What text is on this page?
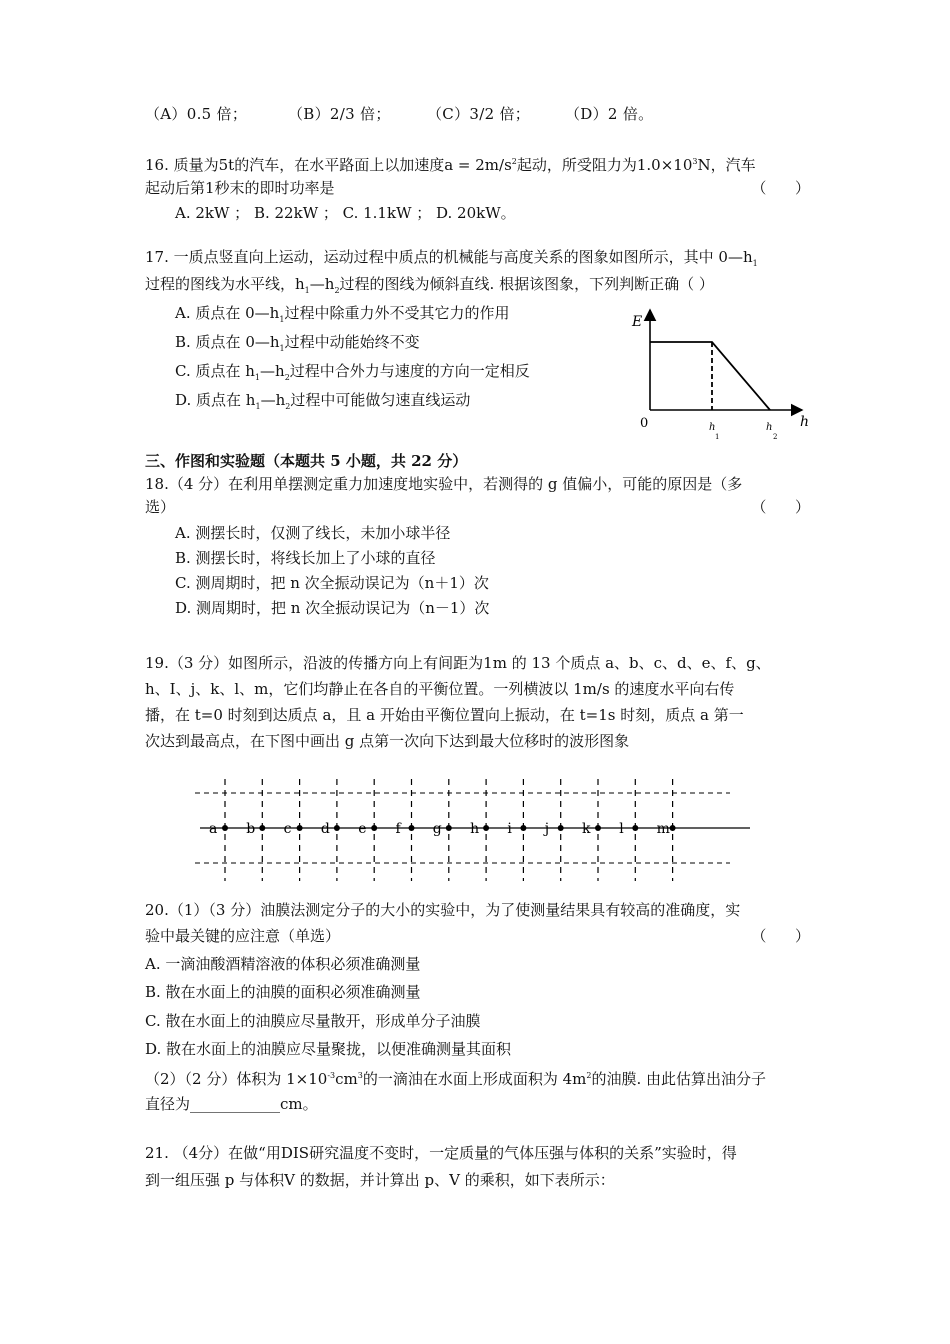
（A）0.5 倍；	（B）2/3 倍； （C）3/2 倍； （D）2 倍。
16. 质量为5t的汽车，在水平路面上以加速度$a = 2m/s^2$起动，所受阻力为$1.0\times 10^3N$，汽车
起动后第1秒末的即时功率是	（      ）
A. 2kW ； B. 22kW ； C. 1.1kW ； D. 20kW。
17. 一质点竖直向上运动，运动过程中质点的机械能与高度关系的图象如图所示，其中 $0—h_1$
过程的图线为水平线，$h_1—h_2$过程的图线为倾斜直线. 根据该图象，下列判断正确（ ）
A. 质点在 $0—h_1$过程中除重力外不受其它力的作用
B. 质点在 $0—h_1$过程中动能始终不变
C. 质点在 $h_1—h_2$过程中合外力与速度的方向一定相反
D. 质点在 $h_1—h_2$过程中可能做匀速直线运动
E
h
0	h
1
h
2
三、作图和实验题（本题共 5 小题，共 22 分）
18.（4 分）在利用单摆测定重力加速度地实验中，若测得的 g 值偏小，可能的原因是（多
选）	（      ）
A. 测摆长时，仅测了线长，未加小球半径
B. 测摆长时，将线长加上了小球的直径
C. 测周期时，把 n 次全振动误记为（n＋1）次
D. 测周期时，把 n 次全振动误记为（n－1）次
19.（3 分）如图所示，沿波的传播方向上有间距为1m 的 13 个质点 a、b、c、d、e、f、g、
h、I、j、k、l、m，它们均静止在各自的平衡位置。一列横波以 1m/s 的速度水平向右传
播，在 t=0 时刻到达质点 a，且 a 开始由平衡位置向上振动，在 t=1s 时刻，质点 a 第一
次达到最高点，在下图中画出 g 点第一次向下达到最大位移时的波形图象
a b c d e f g h i j k l m
20.（1）（3 分）油膜法测定分子的大小的实验中，为了使测量结果具有较高的准确度，实
验中最关键的应注意（单选）	（      ）
A. 一滴油酸酒精溶液的体积必须准确测量
B. 散在水面上的油膜的面积必须准确测量
C. 散在水面上的油膜应尽量散开，形成单分子油膜
D. 散在水面上的油膜应尽量聚拢，以便准确测量其面积
（2）（2 分）体积为 $1\times 10^{-3}cm^3$的一滴油在水面上形成面积为 $4m^2$的油膜. 由此估算出油分子
直径为____________cm。
21. （4分）在做“用DIS研究温度不变时，一定质量的气体压强与体积的关系”实验时，得
到一组压强 p 与体积V 的数据，并计算出 p、V 的乘积，如下表所示：
